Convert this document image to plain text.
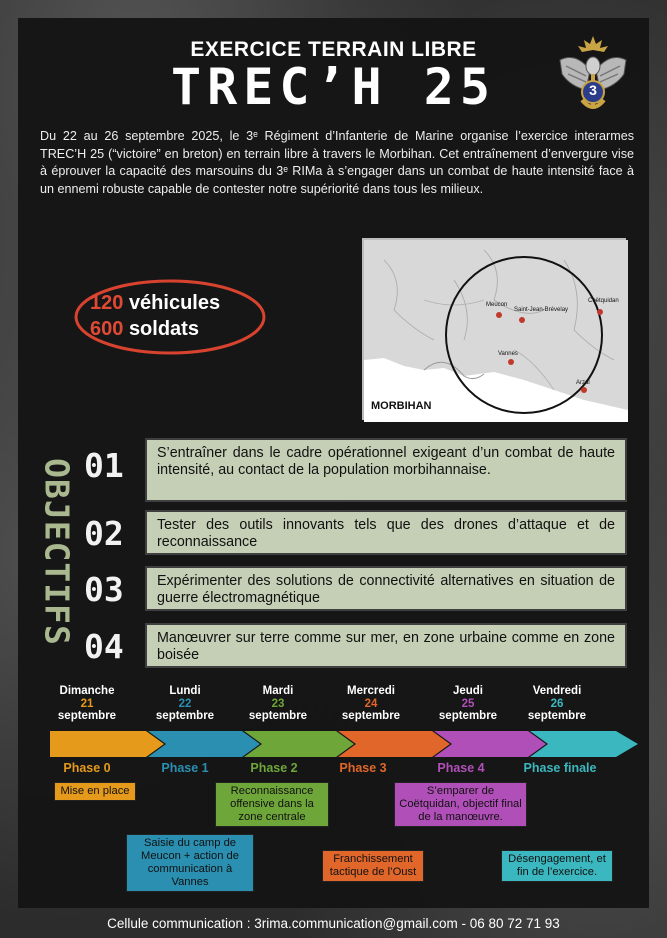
EXERCICE TERRAIN LIBRE
TREC’H 25	3
Du 22 au 26 septembre 2025, le 3ᵉ Régiment d’Infanterie de Marine organise l’exercice interarmes TREC’H 25 (“victoire” en breton) en terrain libre à travers le Morbihan. Cet entraînement d’envergure vise à éprouver la capacité des marsouins du 3ᵉ RIMa à s’engager dans un combat de haute intensité face à un ennemi robuste capable de contester notre supériorité dans tous les milieux.
120 véhicules
600 soldats
Meucon
Saint-Jean-Brévelay
Coëtquidan
Vannes
Arzal
MORBIHAN
OBJECTIFS 01	S’entraîner dans le cadre opérationnel exigeant d’un combat de haute intensité, au contact de la population morbihannaise.
02	Tester des outils innovants tels que des drones d’attaque et de reconnaissance
03	Expérimenter des solutions de connectivité alternatives en situation de guerre électromagnétique
04	Manœuvrer sur terre comme sur mer, en zone urbaine comme en zone boisée
Dimanche
21
septembre
Lundi
22
septembre
Mardi
23
septembre
Mercredi
24
septembre
Jeudi
25
septembre
Vendredi
26
septembre
Phase 0	Phase 1	Phase 2	Phase 3	Phase 4	Phase finale
Mise en place
Saisie du camp de Meucon + action de communication à Vannes
Reconnaissance offensive dans la zone centrale
Franchissement tactique de l’Oust
S’emparer de Coëtquidan, objectif final de la manœuvre.
Désengagement, et fin de l’exercice.
Cellule communication : 3rima.communication@gmail.com - 06 80 72 71 93
